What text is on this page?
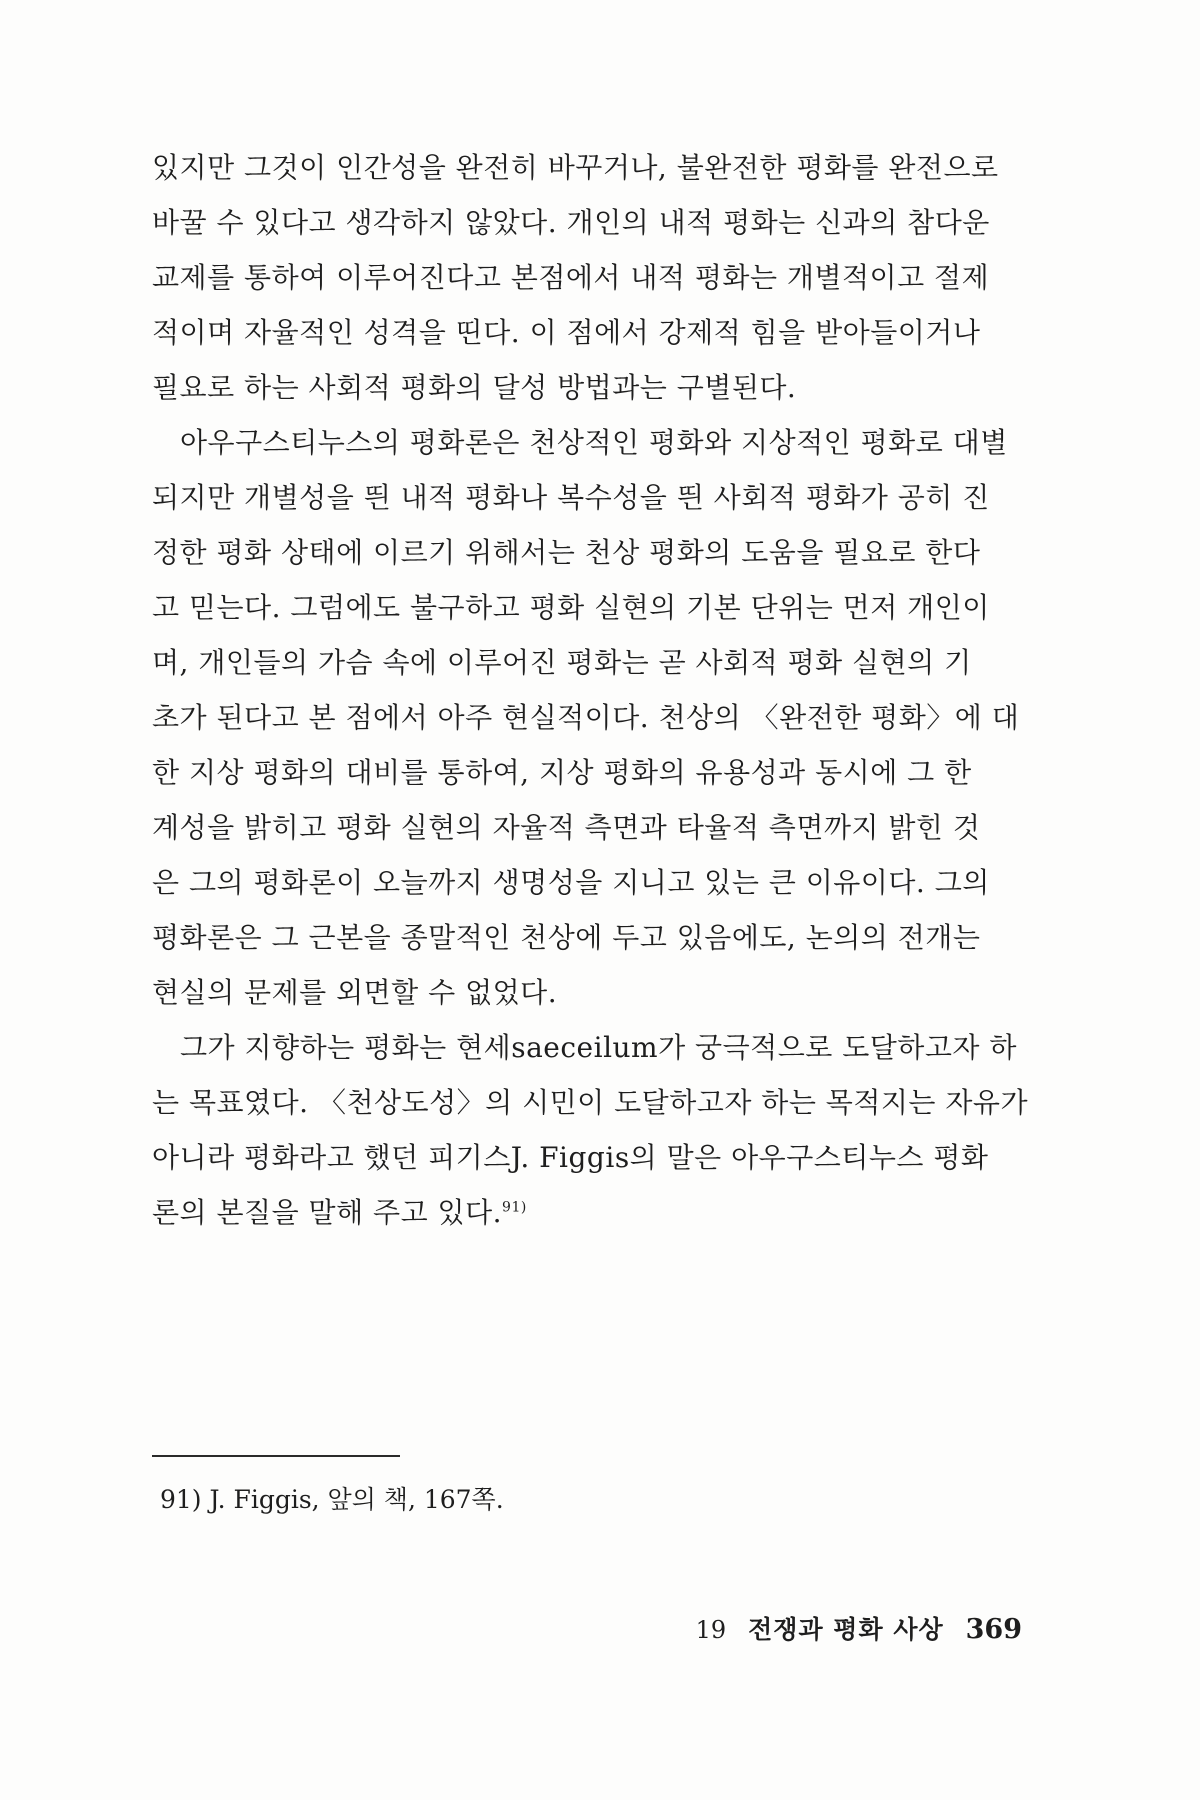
있지만 그것이 인간성을 완전히 바꾸거나, 불완전한 평화를 완전으로
바꿀 수 있다고 생각하지 않았다. 개인의 내적 평화는 신과의 참다운
교제를 통하여 이루어진다고 본점에서 내적 평화는 개별적이고 절제
적이며 자율적인 성격을 띤다. 이 점에서 강제적 힘을 받아들이거나
필요로 하는 사회적 평화의 달성 방법과는 구별된다.
아우구스티누스의 평화론은 천상적인 평화와 지상적인 평화로 대별
되지만 개별성을 띈 내적 평화나 복수성을 띈 사회적 평화가 공히 진
정한 평화 상태에 이르기 위해서는 천상 평화의 도움을 필요로 한다
고 믿는다. 그럼에도 불구하고 평화 실현의 기본 단위는 먼저 개인이
며, 개인들의 가슴 속에 이루어진 평화는 곧 사회적 평화 실현의 기
초가 된다고 본 점에서 아주 현실적이다. 천상의 〈완전한 평화〉에 대
한 지상 평화의 대비를 통하여, 지상 평화의 유용성과 동시에 그 한
계성을 밝히고 평화 실현의 자율적 측면과 타율적 측면까지 밝힌 것
은 그의 평화론이 오늘까지 생명성을 지니고 있는 큰 이유이다. 그의
평화론은 그 근본을 종말적인 천상에 두고 있음에도, 논의의 전개는
현실의 문제를 외면할 수 없었다.
그가 지향하는 평화는 현세saeceilum가 궁극적으로 도달하고자 하
는 목표였다. 〈천상도성〉의 시민이 도달하고자 하는 목적지는 자유가
아니라 평화라고 했던 피기스J. Figgis의 말은 아우구스티누스 평화
론의 본질을 말해 주고 있다.$^{91)}$
91) J. Figgis, 앞의 책, 167쪽.
19 전쟁과 평화 사상 369
